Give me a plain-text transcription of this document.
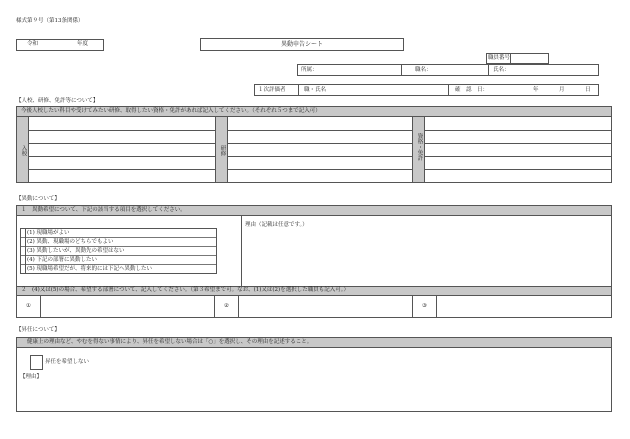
様式第９号（第13条関係）
令和	年度	異動申告シート
職員番号
所属：	職名：	氏名：
１次評価者	職・氏名	確　認　日：	年	月	日
【人校、研修、免許等について】
今後人校したい科目や受けてみたい研修、取得したい資格・免許があれば記入してください。（それぞれ５つまで記入可）
入校	研修	資格・免許
【異動について】
１　異動希望について、下記の該当する項目を選択してください。
理由（記載は任意です。）
(1) 現職場がよい
(2) 異動、現職場のどちらでもよい
(3) 異動したいが、異動先の希望はない
(4) 下記の部署に異動したい
(5) 現職場希望だが、将来的には下記へ異動したい
２　(4)又は(5)の場合、希望する部署について、記入してください。（第３希望まで可。なお、(1)又は(2)を選択した職員も記入可。）
①	②	③
【昇任について】
健康上の理由など、やむを得ない事情により、昇任を希望しない場合は「○」を選択し、その理由を記述すること。
昇任を希望しない
【理由】
